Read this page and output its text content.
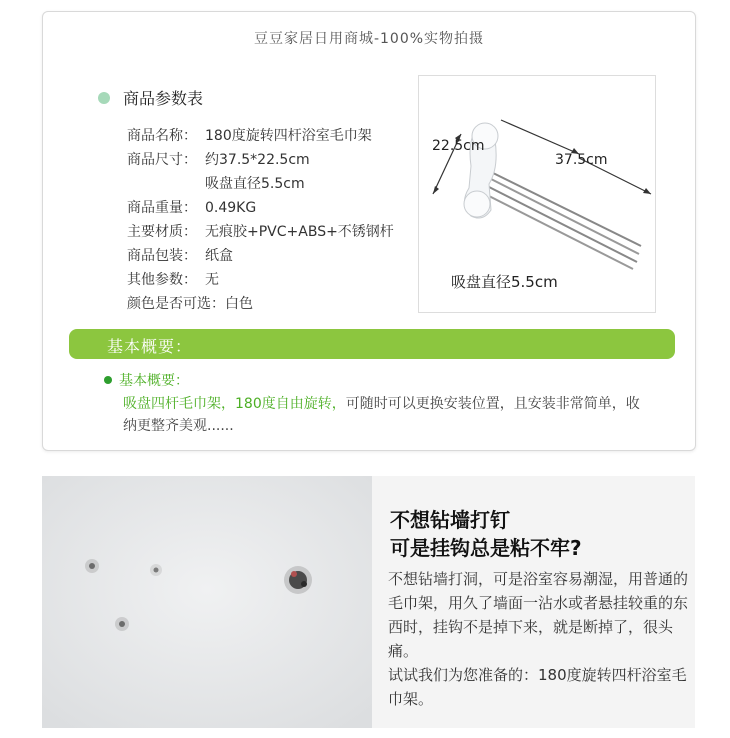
豆豆家居日用商城-100%实物拍摄
商品参数表
商品名称： 180度旋转四杆浴室毛巾架
商品尺寸： 约37.5*22.5cm
吸盘直径5.5cm
商品重量： 0.49KG
主要材质： 无痕胶+PVC+ABS+不锈钢杆
商品包装： 纸盒
其他参数： 无
颜色是否可选：白色
22.5cm
37.5cm
吸盘直径5.5cm
基本概要：
基本概要：
吸盘四杆毛巾架，180度自由旋转，可随时可以更换安装位置，且安装非常简单，收纳更整齐美观......
不想钻墙打钉
可是挂钩总是粘不牢?
不想钻墙打洞，可是浴室容易潮湿，用普通的毛巾架，用久了墙面一沾水或者悬挂较重的东西时，挂钩不是掉下来，就是断掉了，很头痛。
试试我们为您准备的：180度旋转四杆浴室毛巾架。
